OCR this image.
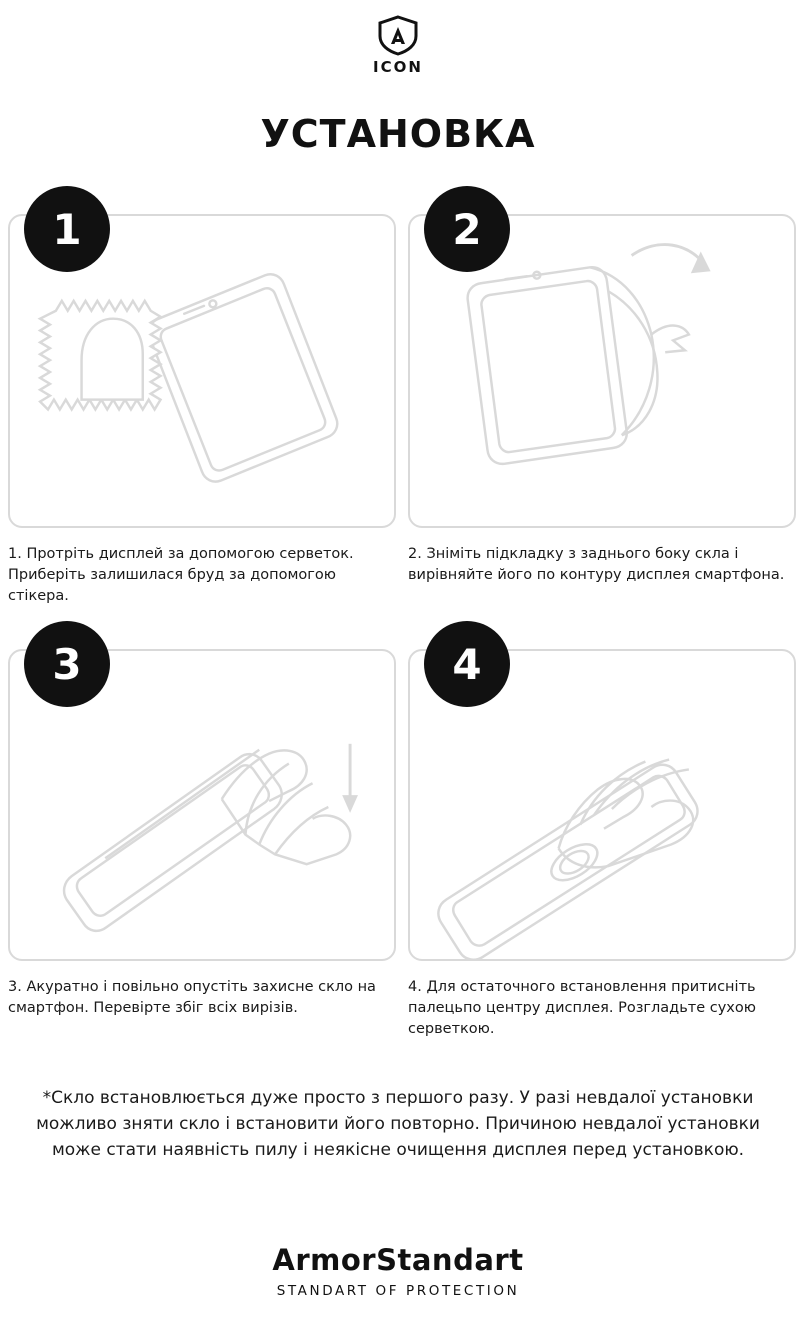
ICON
УСТАНОВКА
1
1. Протріть дисплей за допомогою серветок. Приберіть залишилася бруд за допомогою стікера.
2
2. Зніміть підкладку з заднього боку скла і вирівняйте його по контуру дисплея смартфона.
3
3. Акуратно і повільно опустіть захисне скло на смартфон. Перевірте збіг всіх вирізів.
4
4. Для остаточного встановлення притисніть палецьпо центру дисплея. Розгладьте сухою серветкою.

*Скло встановлюється дуже просто з першого разу. У разі невдалої установки можливо зняти скло і встановити його повторно. Причиною невдалої установки може стати наявність пилу і неякісне очищення дисплея перед установкою.

ArmorStandart
STANDART OF PROTECTION
